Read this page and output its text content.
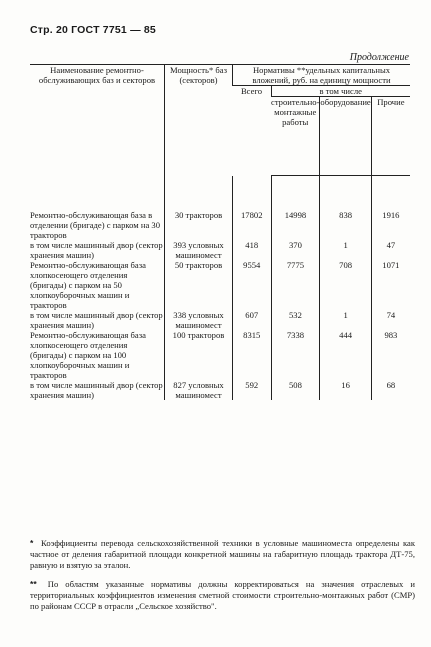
Стр. 20 ГОСТ 7751 — 85
Продолжение
Наименование ремонтно-обслуживающих баз и секторов	Мощность* баз (секторов)	Нормативы **удельных капитальных вложений, руб. на единицу мощности			
		Всего	в том числе		
			строительно-монтажные работы	оборудование	Прочие
Ремонтно-обслуживающая база в отделении (бригаде) с парком на 30 тракторов	30 тракторов	17802	14998	838	1916
в том числе машинный двор (сектор хранения машин)	393 условных машиномест	418	370	1	47
Ремонтно-обслуживающая база хлопкосеющего отделения (бригады) с парком на 50 хлопкоуборочных машин и тракторов	50 тракторов	9554	7775	708	1071
в том числе машинный двор (сектор хранения машин)	338 условных машиномест	607	532	1	74
Ремонтно-обслуживающая база хлопкосеющего отделения (бригады) с парком на 100 хлопкоуборочных машин и тракторов	100 тракторов	8315	7338	444	983
в том числе машинный двор (сектор хранения машин)	827 условных машиномест	592	508	16	68
* Коэффициенты перевода сельскохозяйственной техники в условные машиноместа определены как частное от деления габаритной площади конкретной машины на габаритную площадь трактора ДТ-75, равную и взятую за эталон.
** По областям указанные нормативы должны корректироваться на значения отраслевых и территориальных коэффициентов изменения сметной стоимости строительно-монтажных работ (СМР) по районам СССР в отрасли „Сельское хозяйство".
